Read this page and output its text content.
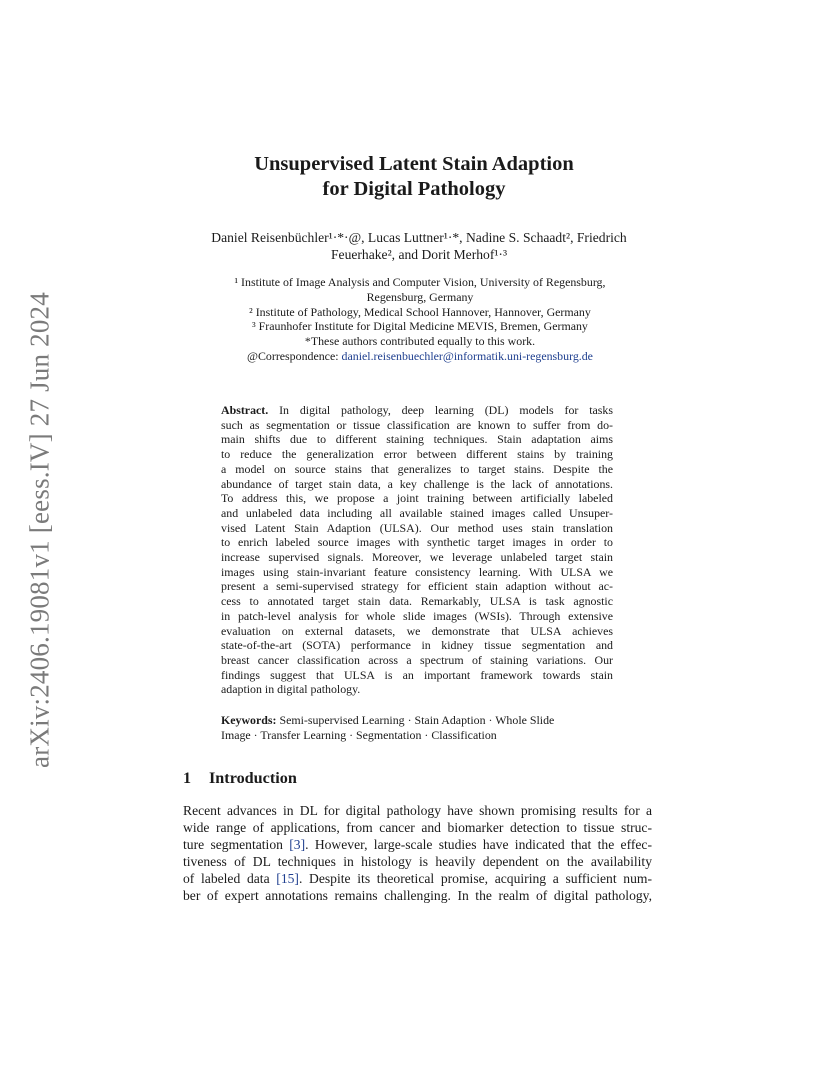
arXiv:2406.19081v1 [eess.IV] 27 Jun 2024
Unsupervised Latent Stain Adaption
for Digital Pathology
Daniel Reisenbüchler¹·*·@, Lucas Luttner¹·*, Nadine S. Schaadt², Friedrich
Feuerhake², and Dorit Merhof¹·³
¹ Institute of Image Analysis and Computer Vision, University of Regensburg,
Regensburg, Germany
² Institute of Pathology, Medical School Hannover, Hannover, Germany
³ Fraunhofer Institute for Digital Medicine MEVIS, Bremen, Germany
*These authors contributed equally to this work.
@Correspondence: daniel.reisenbuechler@informatik.uni-regensburg.de
Abstract. In digital pathology, deep learning (DL) models for tasks
such as segmentation or tissue classification are known to suffer from do-
main shifts due to different staining techniques. Stain adaptation aims
to reduce the generalization error between different stains by training
a model on source stains that generalizes to target stains. Despite the
abundance of target stain data, a key challenge is the lack of annotations.
To address this, we propose a joint training between artificially labeled
and unlabeled data including all available stained images called Unsuper-
vised Latent Stain Adaption (ULSA). Our method uses stain translation
to enrich labeled source images with synthetic target images in order to
increase supervised signals. Moreover, we leverage unlabeled target stain
images using stain-invariant feature consistency learning. With ULSA we
present a semi-supervised strategy for efficient stain adaption without ac-
cess to annotated target stain data. Remarkably, ULSA is task agnostic
in patch-level analysis for whole slide images (WSIs). Through extensive
evaluation on external datasets, we demonstrate that ULSA achieves
state-of-the-art (SOTA) performance in kidney tissue segmentation and
breast cancer classification across a spectrum of staining variations. Our
findings suggest that ULSA is an important framework towards stain
adaption in digital pathology.
Keywords: Semi-supervised Learning · Stain Adaption · Whole Slide
Image · Transfer Learning · Segmentation · Classification
1 Introduction
Recent advances in DL for digital pathology have shown promising results for a
wide range of applications, from cancer and biomarker detection to tissue struc-
ture segmentation [3]. However, large-scale studies have indicated that the effec-
tiveness of DL techniques in histology is heavily dependent on the availability
of labeled data [15]. Despite its theoretical promise, acquiring a sufficient num-
ber of expert annotations remains challenging. In the realm of digital pathology,
